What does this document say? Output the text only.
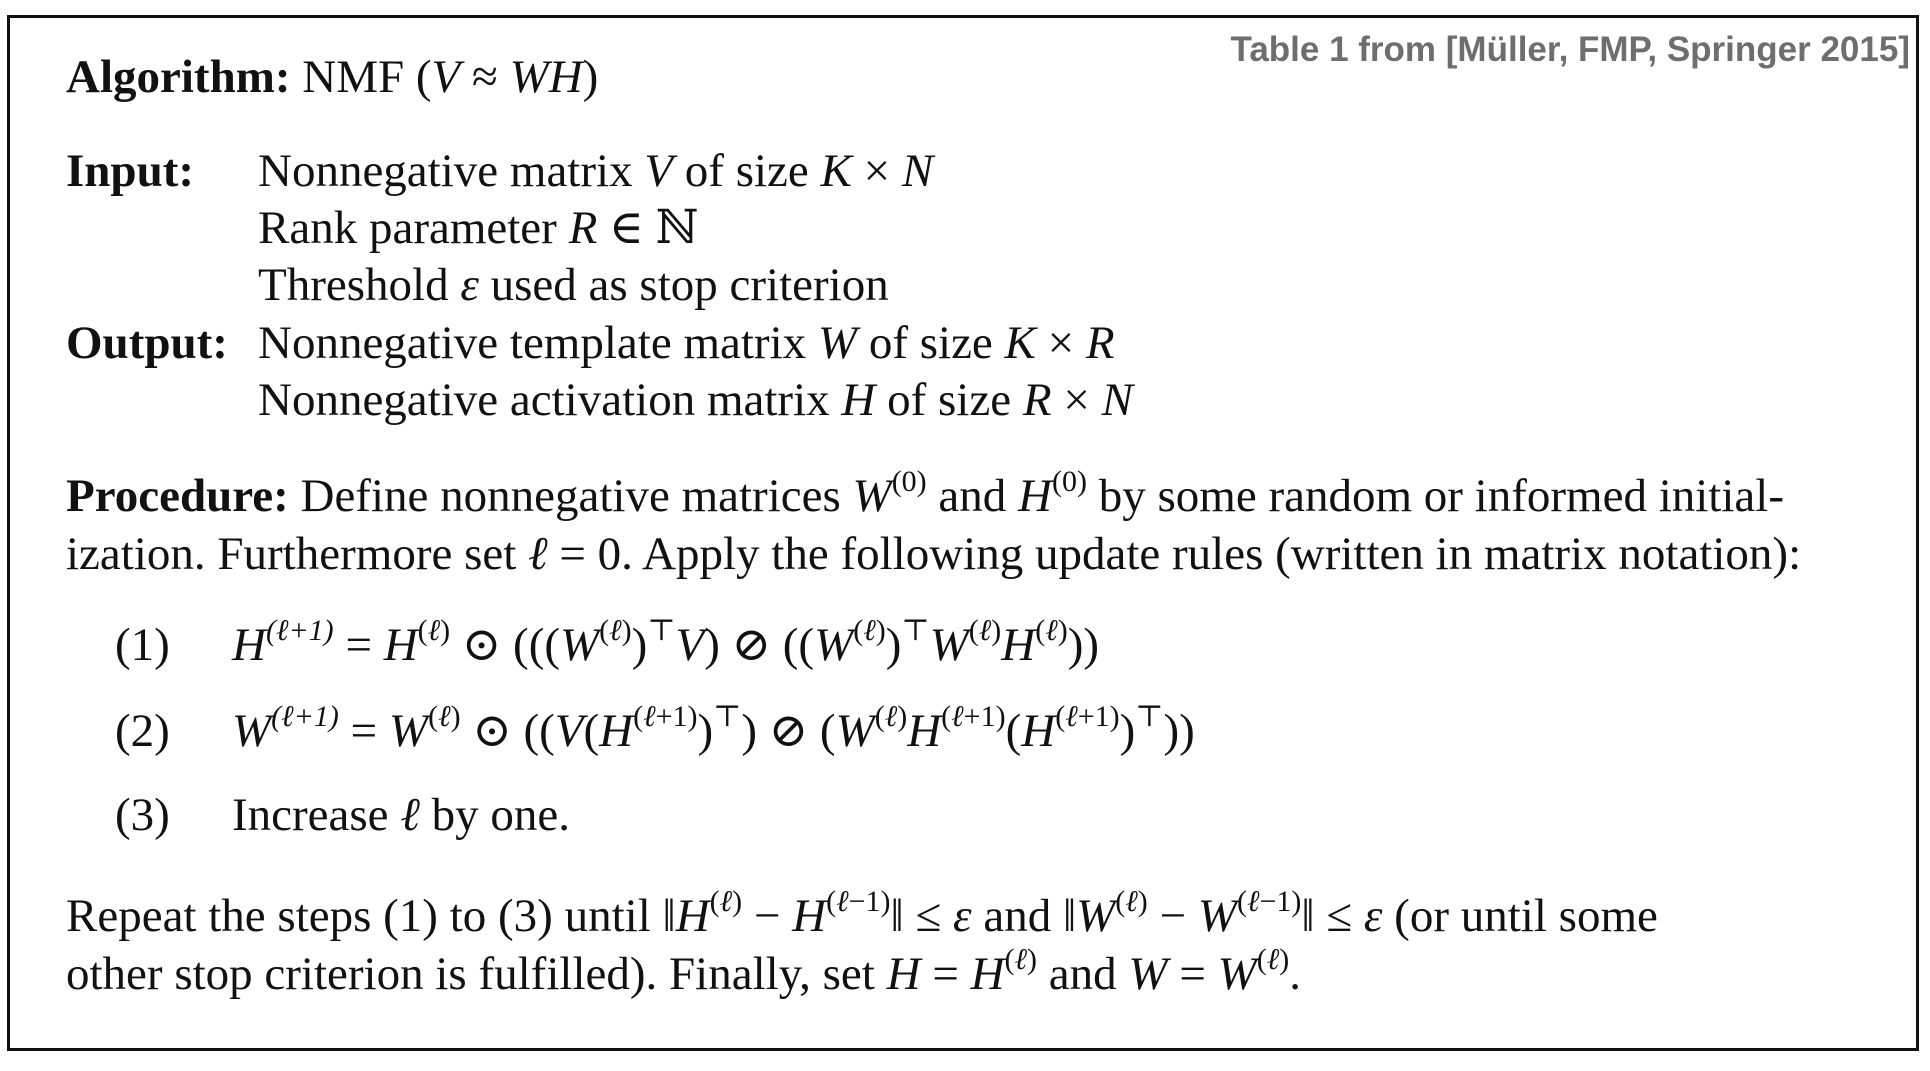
Table 1 from [Müller, FMP, Springer 2015]
Algorithm: NMF (V ≈ WH)
Input: Nonnegative matrix V of size K × N
Rank parameter R ∈ ℕ
Threshold ε used as stop criterion
Output: Nonnegative template matrix W of size K × R
Nonnegative activation matrix H of size R × N
Procedure: Define nonnegative matrices $W^{(0)}$ and $H^{(0)}$ by some random or informed initial-
ization. Furthermore set ℓ = 0. Apply the following update rules (written in matrix notation):
(1) $H^{(\ell+1)} = H^{(\ell)}$ ⊙ ($((W^{(\ell)})^⊤V)$ ⊘ $((W^{(\ell)})^⊤W^{(\ell)}H^{(\ell)})$)
(2) $W^{(\ell+1)} = W^{(\ell)}$ ⊙ ($(V(H^{(\ell+1)})^⊤)$ ⊘ $(W^{(\ell)}H^{(\ell+1)}(H^{(\ell+1)})^⊤)$)
(3) Increase ℓ by one.
Repeat the steps (1) to (3) until $‖H^{(\ell)}$ − $H^{(\ell-1)}‖ \le \varepsilon$ and $‖W^{(\ell)}$ − $W^{(\ell-1)}‖ \le \varepsilon$ (or until some
other stop criterion is fulfilled). Finally, set $H = H^{(\ell)}$ and $W = W^{(\ell)}$.
